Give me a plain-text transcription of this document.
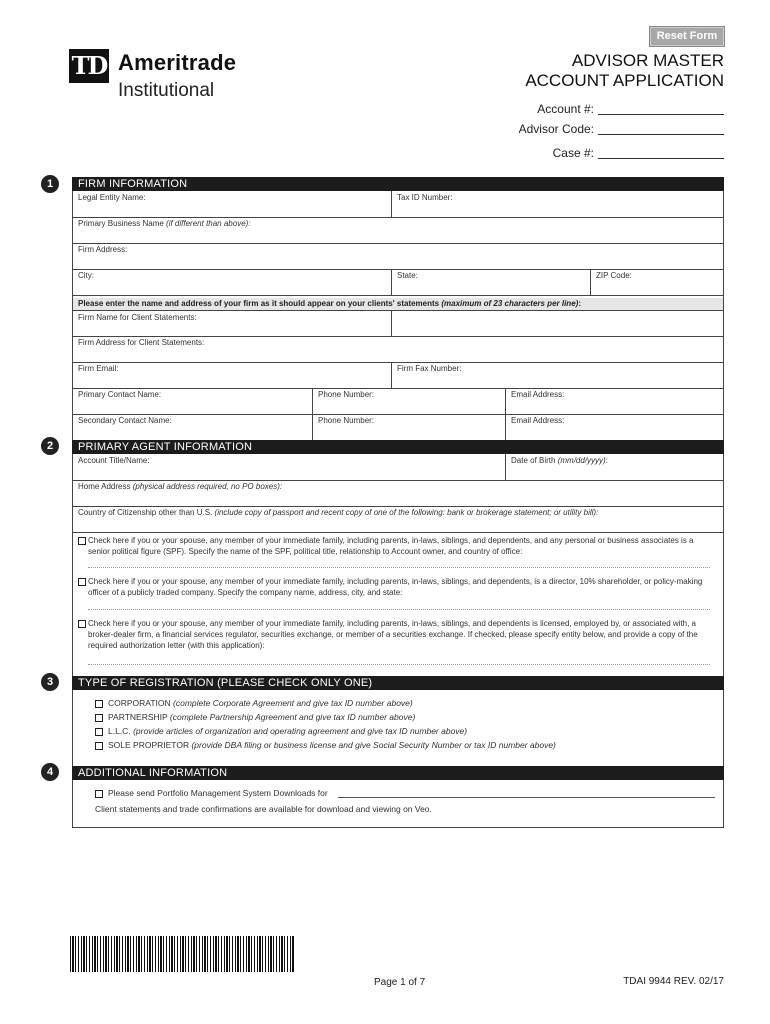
Reset Form
TD Ameritrade
Institutional
ADVISOR MASTER
ACCOUNT APPLICATION
Account #:
Advisor Code:
Case #:
1	FIRM INFORMATION
Legal Entity Name:	Tax ID Number:
Primary Business Name (if different than above):
Firm Address:
City:	State:	ZIP Code:
Please enter the name and address of your firm as it should appear on your clients' statements (maximum of 23 characters per line):
Firm Name for Client Statements:
Firm Address for Client Statements:
Firm Email:	Firm Fax Number:
Primary Contact Name:	Phone Number:	Email Address:
Secondary Contact Name:	Phone Number:	Email Address:
2	PRIMARY AGENT INFORMATION
Account Title/Name:	Date of Birth (mm/dd/yyyy):
Home Address (physical address required, no PO boxes):
Country of Citizenship other than U.S. (include copy of passport and recent copy of one of the following: bank or brokerage statement; or utility bill):
Check here if you or your spouse, any member of your immediate family, including parents, in-laws, siblings, and dependents, and any personal or business associates is a senior political figure (SPF). Specify the name of the SPF, political title, relationship to Account owner, and country of office:
Check here if you or your spouse, any member of your immediate family, including parents, in-laws, siblings, and dependents, is a director, 10% shareholder, or policy-making officer of a publicly traded company. Specify the company name, address, city, and state:
Check here if you or your spouse, any member of your immediate family, including parents, in-laws, siblings, and dependents is licensed, employed by, or associated with, a broker-dealer firm, a financial services regulator, securities exchange, or member of a securities exchange. If checked, please specify entity below, and provide a copy of the required authorization letter (with this application):
3	TYPE OF REGISTRATION (PLEASE CHECK ONLY ONE)
CORPORATION (complete Corporate Agreement and give tax ID number above)
PARTNERSHIP (complete Partnership Agreement and give tax ID number above)
L.L.C. (provide articles of organization and operating agreement and give tax ID number above)
SOLE PROPRIETOR (provide DBA filing or business license and give Social Security Number or tax ID number above)
4	ADDITIONAL INFORMATION
Please send Portfolio Management System Downloads for
Client statements and trade confirmations are available for download and viewing on Veo.
Page 1 of 7	TDAI 9944 REV. 02/17
